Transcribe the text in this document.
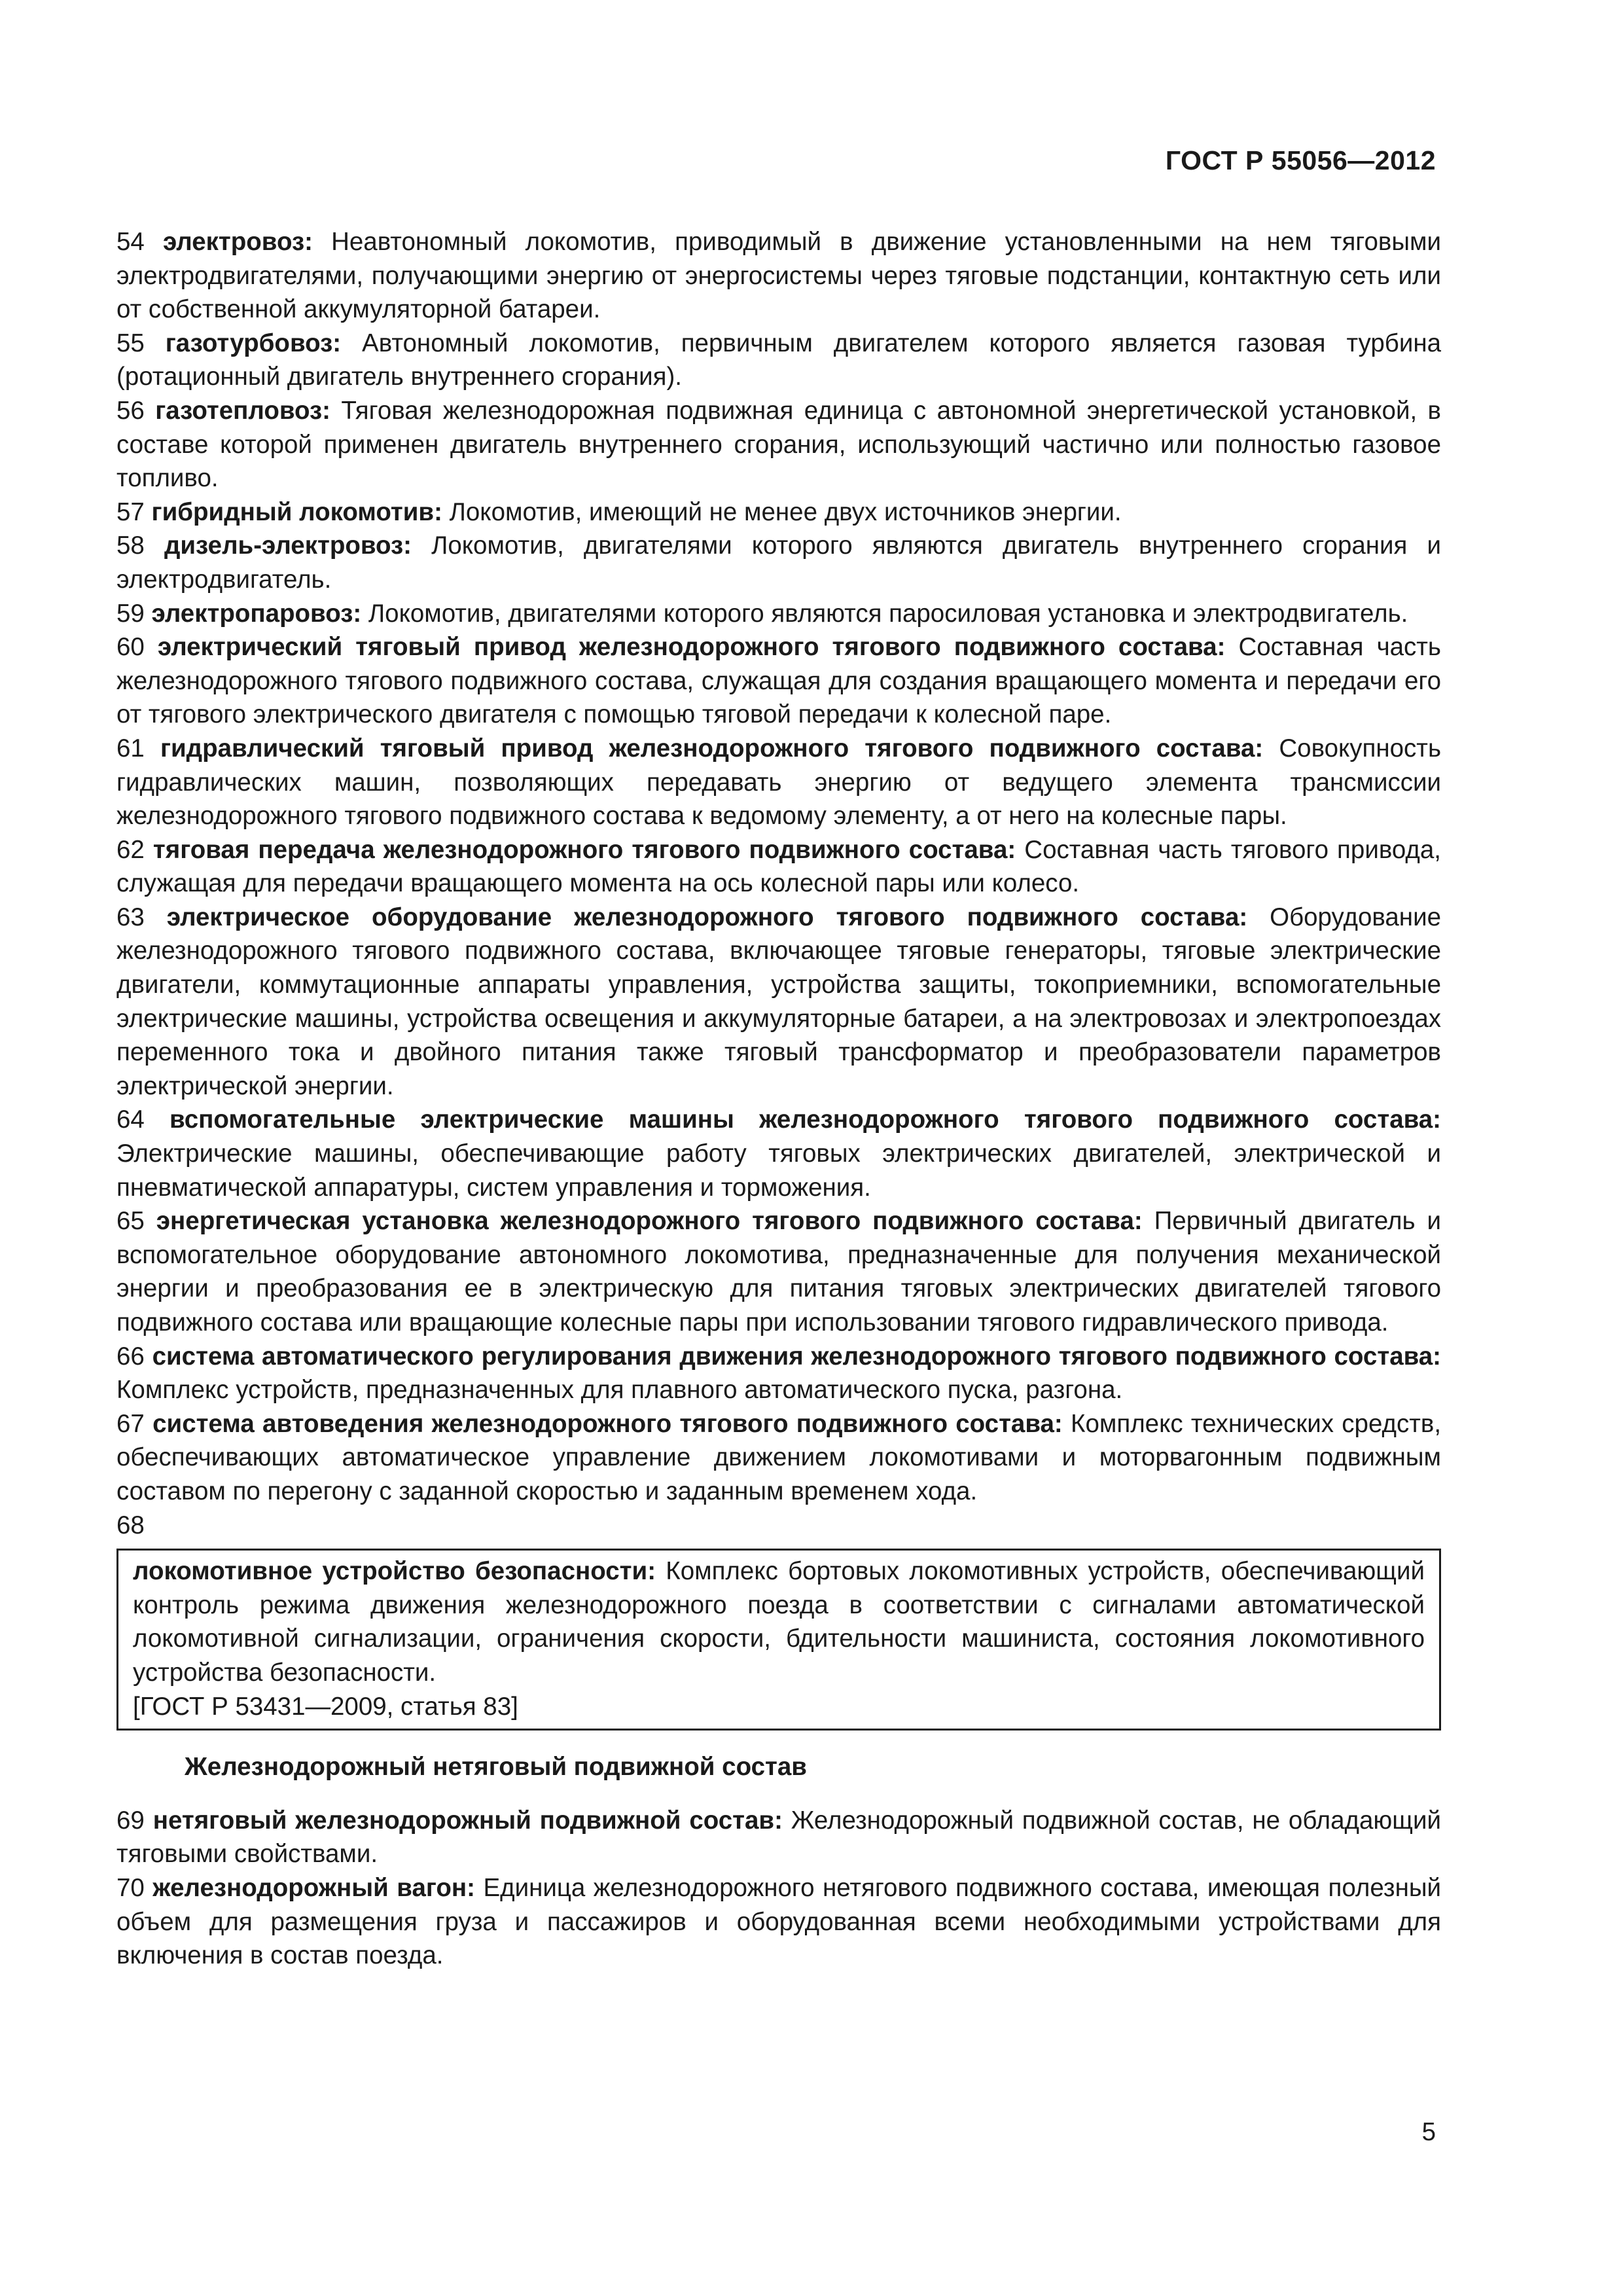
ГОСТ Р 55056—2012

54 электровоз: Неавтономный локомотив, приводимый в движение установленными на нем тяговыми электродвигателями, получающими энергию от энергосистемы через тяговые подстанции, контактную сеть или от собственной аккумуляторной батареи.

55 газотурбовоз: Автономный локомотив, первичным двигателем которого является газовая турбина (ротационный двигатель внутреннего сгорания).

56 газотепловоз: Тяговая железнодорожная подвижная единица с автономной энергетической установкой, в составе которой применен двигатель внутреннего сгорания, использующий частично или полностью газовое топливо.

57 гибридный локомотив: Локомотив, имеющий не менее двух источников энергии.

58 дизель-электровоз: Локомотив, двигателями которого являются двигатель внутреннего сгорания и электродвигатель.

59 электропаровоз: Локомотив, двигателями которого являются паросиловая установка и электродвигатель.

60 электрический тяговый привод железнодорожного тягового подвижного состава: Составная часть железнодорожного тягового подвижного состава, служащая для создания вращающего момента и передачи его от тягового электрического двигателя с помощью тяговой передачи к колесной паре.

61 гидравлический тяговый привод железнодорожного тягового подвижного состава: Совокупность гидравлических машин, позволяющих передавать энергию от ведущего элемента трансмиссии железнодорожного тягового подвижного состава к ведомому элементу, а от него на колесные пары.

62 тяговая передача железнодорожного тягового подвижного состава: Составная часть тягового привода, служащая для передачи вращающего момента на ось колесной пары или колесо.

63 электрическое оборудование железнодорожного тягового подвижного состава: Оборудование железнодорожного тягового подвижного состава, включающее тяговые генераторы, тяговые электрические двигатели, коммутационные аппараты управления, устройства защиты, токоприемники, вспомогательные электрические машины, устройства освещения и аккумуляторные батареи, а на электровозах и электропоездах переменного тока и двойного питания также тяговый трансформатор и преобразователи параметров электрической энергии.

64 вспомогательные электрические машины железнодорожного тягового подвижного состава: Электрические машины, обеспечивающие работу тяговых электрических двигателей, электрической и пневматической аппаратуры, систем управления и торможения.

65 энергетическая установка железнодорожного тягового подвижного состава: Первичный двигатель и вспомогательное оборудование автономного локомотива, предназначенные для получения механической энергии и преобразования ее в электрическую для питания тяговых электрических двигателей тягового подвижного состава или вращающие колесные пары при использовании тягового гидравлического привода.

66 система автоматического регулирования движения железнодорожного тягового подвижного состава: Комплекс устройств, предназначенных для плавного автоматического пуска, разгона.

67 система автоведения железнодорожного тягового подвижного состава: Комплекс технических средств, обеспечивающих автоматическое управление движением локомотивами и моторвагонным подвижным составом по перегону с заданной скоростью и заданным временем хода.

68

локомотивное устройство безопасности: Комплекс бортовых локомотивных устройств, обеспечивающий контроль режима движения железнодорожного поезда в соответствии с сигналами автоматической локомотивной сигнализации, ограничения скорости, бдительности машиниста, состояния локомотивного устройства безопасности.

[ГОСТ Р 53431—2009, статья 83]

Железнодорожный нетяговый подвижной состав

69 нетяговый железнодорожный подвижной состав: Железнодорожный подвижной состав, не обладающий тяговыми свойствами.

70 железнодорожный вагон: Единица железнодорожного нетягового подвижного состава, имеющая полезный объем для размещения груза и пассажиров и оборудованная всеми необходимыми устройствами для включения в состав поезда.

5
